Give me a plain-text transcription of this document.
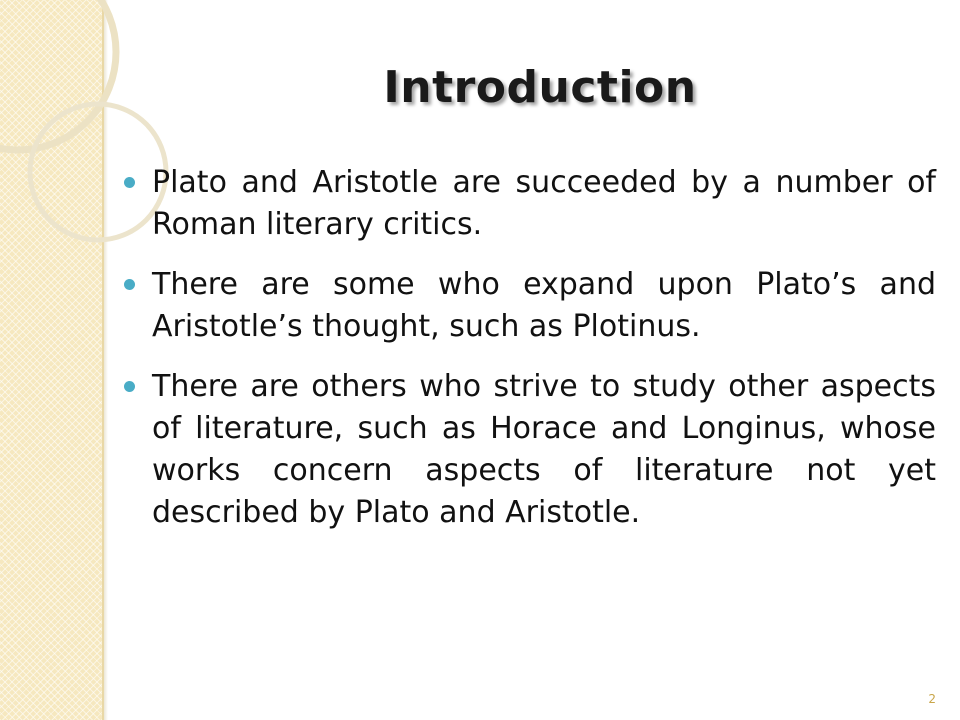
Introduction
Plato and Aristotle are succeeded by a number of Roman literary critics.
There are some who expand upon Plato’s and Aristotle’s thought, such as Plotinus.
There are others who strive to study other aspects of literature, such as Horace and Longinus, whose works concern aspects of literature not yet described by Plato and Aristotle.
2
